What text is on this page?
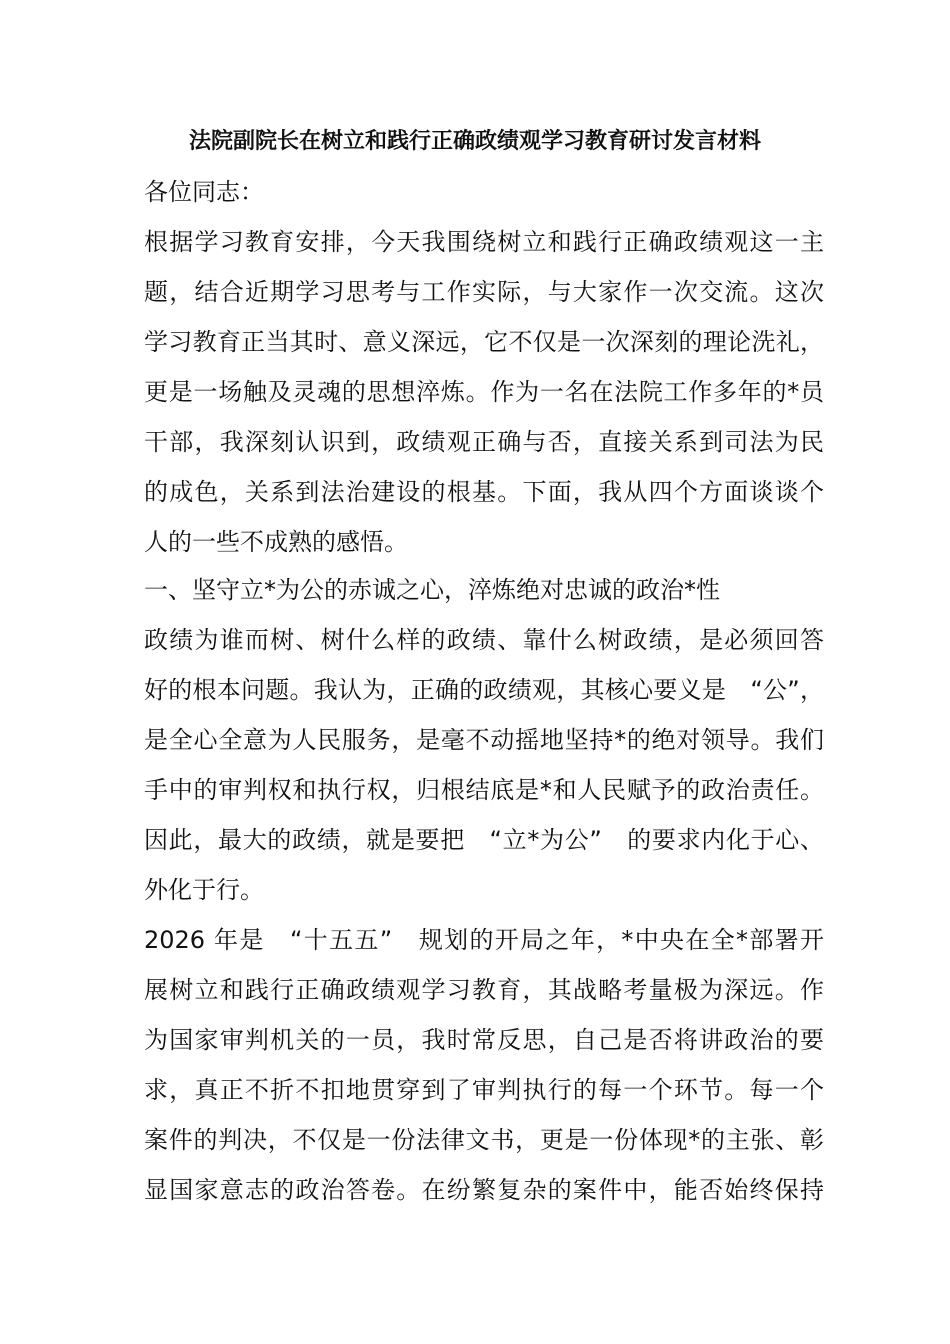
法院副院长在树立和践行正确政绩观学习教育研讨发言材料
各位同志：
根据学习教育安排，今天我围绕树立和践行正确政绩观这一主
题，结合近期学习思考与工作实际，与大家作一次交流。这次
学习教育正当其时、意义深远，它不仅是一次深刻的理论洗礼，
更是一场触及灵魂的思想淬炼。作为一名在法院工作多年的*员
干部，我深刻认识到，政绩观正确与否，直接关系到司法为民
的成色，关系到法治建设的根基。下面，我从四个方面谈谈个
人的一些不成熟的感悟。
一、坚守立*为公的赤诚之心，淬炼绝对忠诚的政治*性
政绩为谁而树、树什么样的政绩、靠什么树政绩，是必须回答
好的根本问题。我认为，正确的政绩观，其核心要义是　“公”，
是全心全意为人民服务，是毫不动摇地坚持*的绝对领导。我们
手中的审判权和执行权，归根结底是*和人民赋予的政治责任。
因此，最大的政绩，就是要把　“立*为公”　的要求内化于心、
外化于行。
2026 年是　“十五五”　规划的开局之年，*中央在全*部署开
展树立和践行正确政绩观学习教育，其战略考量极为深远。作
为国家审判机关的一员，我时常反思，自己是否将讲政治的要
求，真正不折不扣地贯穿到了审判执行的每一个环节。每一个
案件的判决，不仅是一份法律文书，更是一份体现*的主张、彰
显国家意志的政治答卷。在纷繁复杂的案件中，能否始终保持
